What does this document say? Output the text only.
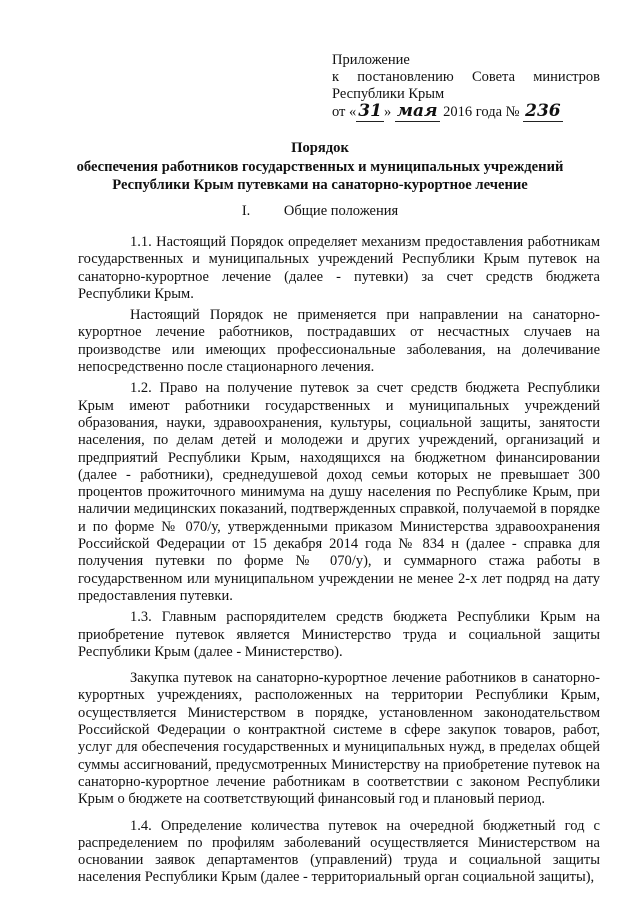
Приложение
к постановлению Совета министров
Республики Крым
от « 31 » мая 2016 года № 236
Порядок
обеспечения работников государственных и муниципальных учреждений
Республики Крым путевками на санаторно-курортное лечение
I. Общие положения

1.1. Настоящий Порядок определяет механизм предоставления работникам государственных и муниципальных учреждений Республики Крым путевок на санаторно-курортное лечение (далее - путевки) за счет средств бюджета Республики Крым.

Настоящий Порядок не применяется при направлении на санаторно-курортное лечение работников, пострадавших от несчастных случаев на производстве или имеющих профессиональные заболевания, на долечивание непосредственно после стационарного лечения.

1.2. Право на получение путевок за счет средств бюджета Республики Крым имеют работники государственных и муниципальных учреждений образования, науки, здравоохранения, культуры, социальной защиты, занятости населения, по делам детей и молодежи и других учреждений, организаций и предприятий Республики Крым, находящихся на бюджетном финансировании (далее - работники), среднедушевой доход семьи которых не превышает 300 процентов прожиточного минимума на душу населения по Республике Крым, при наличии медицинских показаний, подтвержденных справкой, получаемой в порядке и по форме № 070/у, утвержденными приказом Министерства здравоохранения Российской Федерации от 15 декабря 2014 года № 834 н (далее - справка для получения путевки по форме № 070/у), и суммарного стажа работы в государственном или муниципальном учреждении не менее 2-х лет подряд на дату предоставления путевки.

1.3. Главным распорядителем средств бюджета Республики Крым на приобретение путевок является Министерство труда и социальной защиты Республики Крым (далее - Министерство).

Закупка путевок на санаторно-курортное лечение работников в санаторно-курортных учреждениях, расположенных на территории Республики Крым, осуществляется Министерством в порядке, установленном законодательством Российской Федерации о контрактной системе в сфере закупок товаров, работ, услуг для обеспечения государственных и муниципальных нужд, в пределах общей суммы ассигнований, предусмотренных Министерству на приобретение путевок на санаторно-курортное лечение работникам в соответствии с законом Республики Крым о бюджете на соответствующий финансовый год и плановый период.

1.4. Определение количества путевок на очередной бюджетный год с распределением по профилям заболеваний осуществляется Министерством на основании заявок департаментов (управлений) труда и социальной защиты населения Республики Крым (далее - территориальный орган социальной защиты),
